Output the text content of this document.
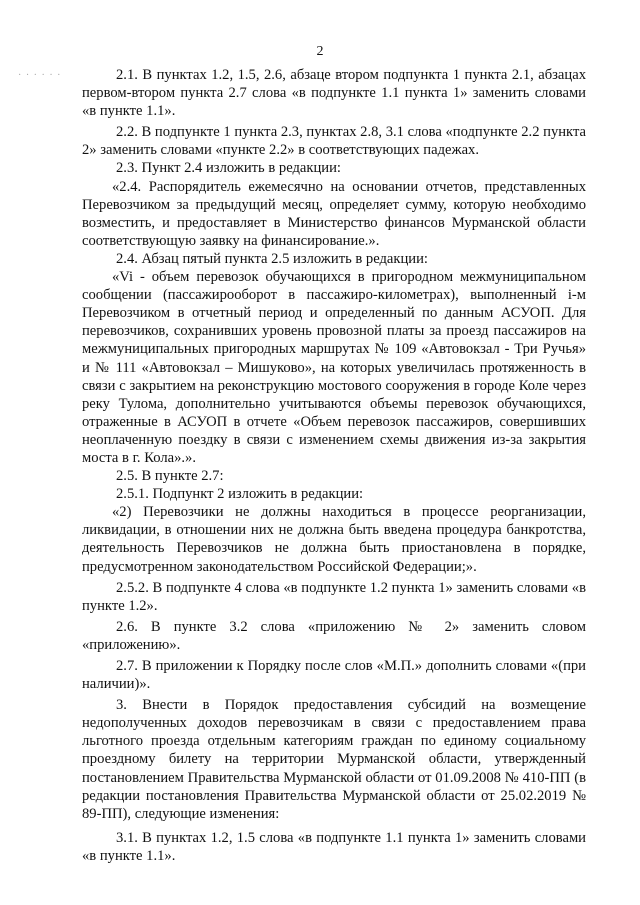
2
· · · · · ·	2.1. В пунктах 1.2, 1.5, 2.6, абзаце втором подпункта 1 пункта 2.1, абзацах первом-втором пункта 2.7 слова «в подпункте 1.1 пункта 1» заменить словами «в пункте 1.1».

2.2. В подпункте 1 пункта 2.3, пунктах 2.8, 3.1 слова «подпункте 2.2 пункта 2» заменить словами «пункте 2.2» в соответствующих падежах.

2.3. Пункт 2.4 изложить в редакции:

«2.4. Распорядитель ежемесячно на основании отчетов, представленных Перевозчиком за предыдущий месяц, определяет сумму, которую необходимо возместить, и предоставляет в Министерство финансов Мурманской области соответствующую заявку на финансирование.».

2.4. Абзац пятый пункта 2.5 изложить в редакции:

«Vi - объем перевозок обучающихся в пригородном межмуниципальном сообщении (пассажирооборот в пассажиро-километрах), выполненный i-м Перевозчиком в отчетный период и определенный по данным АСУОП. Для перевозчиков, сохранивших уровень провозной платы за проезд пассажиров на межмуниципальных пригородных маршрутах № 109 «Автовокзал - Три Ручья» и № 111 «Автовокзал – Мишуково», на которых увеличилась протяженность в связи с закрытием на реконструкцию мостового сооружения в городе Коле через реку Тулома, дополнительно учитываются объемы перевозок обучающихся, отраженные в АСУОП в отчете «Объем перевозок пассажиров, совершивших неоплаченную поездку в связи с изменением схемы движения из-за закрытия моста в г. Кола».».

2.5. В пункте 2.7:

2.5.1. Подпункт 2 изложить в редакции:

«2) Перевозчики не должны находиться в процессе реорганизации, ликвидации, в отношении них не должна быть введена процедура банкротства, деятельность Перевозчиков не должна быть приостановлена в порядке, предусмотренном законодательством Российской Федерации;».

2.5.2. В подпункте 4 слова «в подпункте 1.2 пункта 1» заменить словами «в пункте 1.2».

2.6. В пункте 3.2 слова «приложению № 2» заменить словом «приложению».

2.7. В приложении к Порядку после слов «М.П.» дополнить словами «(при наличии)».

3. Внести в Порядок предоставления субсидий на возмещение недополученных доходов перевозчикам в связи с предоставлением права льготного проезда отдельным категориям граждан по единому социальному проездному билету на территории Мурманской области, утвержденный постановлением Правительства Мурманской области от 01.09.2008 № 410-ПП (в редакции постановления Правительства Мурманской области от 25.02.2019 № 89-ПП), следующие изменения:

3.1. В пунктах 1.2, 1.5 слова «в подпункте 1.1 пункта 1» заменить словами «в пункте 1.1».
